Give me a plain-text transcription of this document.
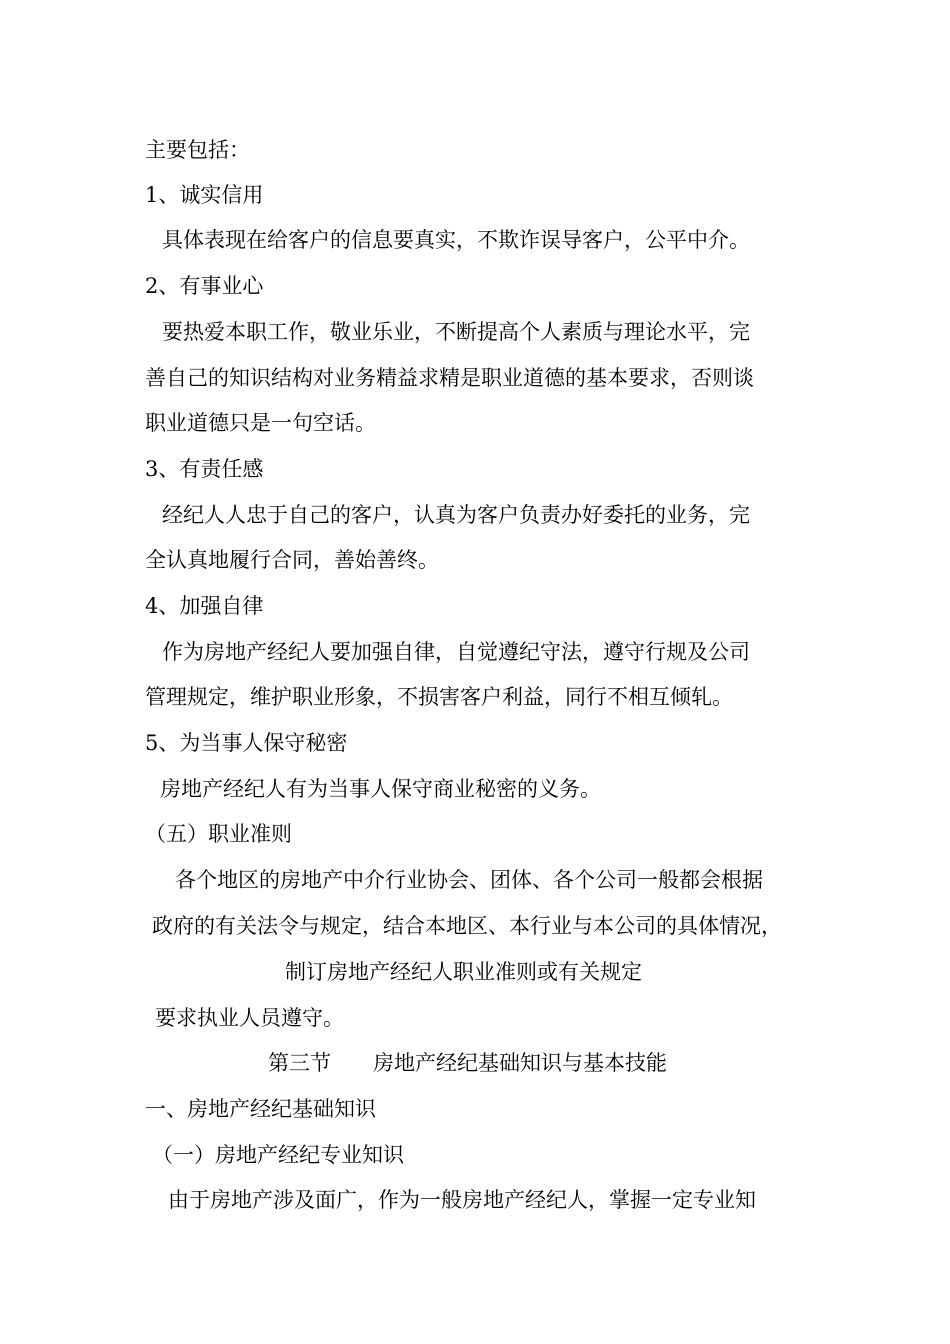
主要包括：
1、诚实信用
具体表现在给客户的信息要真实，不欺诈误导客户，公平中介。
2、有事业心
要热爱本职工作，敬业乐业，不断提高个人素质与理论水平，完
善自己的知识结构对业务精益求精是职业道德的基本要求，否则谈
职业道德只是一句空话。
3、有责任感
经纪人人忠于自己的客户，认真为客户负责办好委托的业务，完
全认真地履行合同，善始善终。
4、加强自律
作为房地产经纪人要加强自律，自觉遵纪守法，遵守行规及公司
管理规定，维护职业形象，不损害客户利益，同行不相互倾轧。
5、为当事人保守秘密
房地产经纪人有为当事人保守商业秘密的义务。
（五）职业准则
各个地区的房地产中介行业协会、团体、各个公司一般都会根据
政府的有关法令与规定，结合本地区、本行业与本公司的具体情况，
制订房地产经纪人职业准则或有关规定
要求执业人员遵守。
第三节　　房地产经纪基础知识与基本技能
一、房地产经纪基础知识
（一）房地产经纪专业知识
由于房地产涉及面广，作为一般房地产经纪人，掌握一定专业知
